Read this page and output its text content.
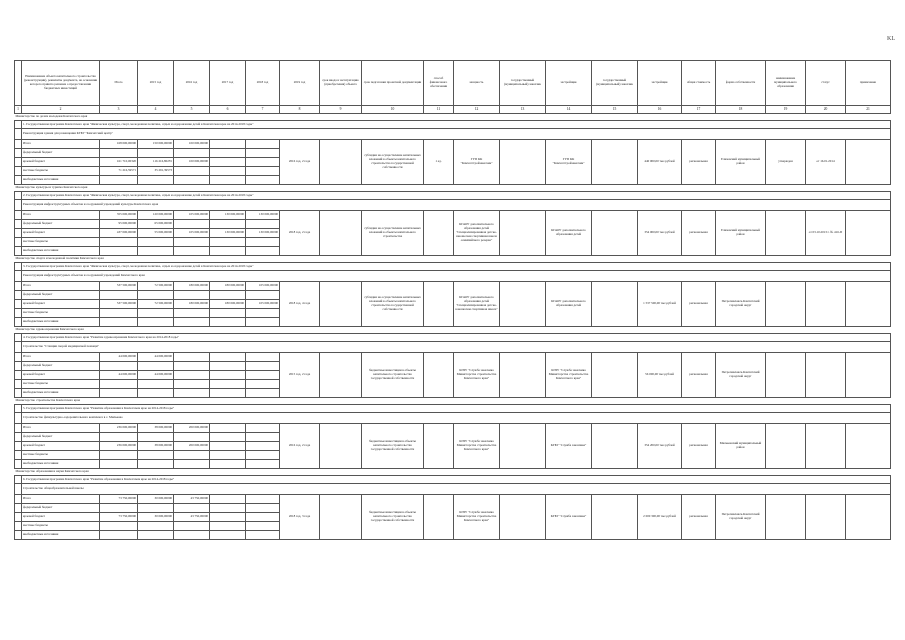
KL
	Наименование объекта капитального строительства (реконструкции), реквизиты документа, на основании которого принято решение о предоставлении бюджетных инвестиций	Итого	2015 год	2016 год	2017 год	2018 год	2019 год	срок ввода в эксплуатацию (приобретения) объекта	срок подготовки проектной документации	способ финансового обеспечения	мощность	государственный (муниципальный) заказчик	застройщик	государственный (муниципальный) заказчик	застройщик	общая стоимость	форма собственности	наименование муниципального образования	статус	примечание
1	2	3	4	5	6	7	8	9	10	11	12	13	14	15	16	17	18	19	20	21
Министерство по делам молодежи Камчатского края																				
	1. Государственная программа Камчатского края "Физическая культура, спорт, молодежная политика, отдых и оздоровление детей в Камчатском крае на 2014-2018 годы"																			
	Реконструкция здания для размещения КГБУ "Камчатский центр"																			
	Итого	168 000,00000	150 000,00000	100 000,00000			2016 год, 2 года		субсидии на осуществление капитальных вложений в объекты капитального строительства государственной собственности	1 ед.	ГУП КК "Камчатстройзаказчик"		ГУП КК "Камчатстройзаказчик"		440 000,00 тыс.рублей	региональная	Елизовский муниципальный район	утвержден	от 16.01.2014	
	федеральный бюджет																			
	краевой бюджет	161 710,00320	116 216,80255	100 000,00000																
	местные бюджеты	71 216,59571	35 291,39573																	
	внебюджетные источники																			
Министерство культуры и туризма Камчатского края																				
	2. Государственная программа Камчатского края "Физическая культура, спорт, молодежная политика, отдых и оздоровление детей в Камчатском крае на 2014-2018 годы"																			
	Реконструкция инфраструктурных объектов и сооружений учреждений культуры Камчатского края																			
	Итого	355 000,00000	120 000,00000	105 000,00000	130 000,00000	130 000,00000	2018 год, 2 года		субсидии на осуществление капитальных вложений в объекты капитального строительства		КГАОУ дополнительного образования детей "Специализированная детско-юношеская спортивная школа олимпийского резерва"		КГАОУ дополнительного образования детей		354 000,00 тыс.рублей	региональная	Елизовский муниципальный район		от 03.10.2013 г. № 416-П	
	федеральный бюджет	95 000,00000	65 000,00000																	
	краевой бюджет	437 000,00000	55 000,00000	105 000,00000	130 000,00000	130 000,00000														
	местные бюджеты																			
	внебюджетные источники																			
Министерство спорта и молодежной политики Камчатского края																				
	3. Государственная программа Камчатского края "Физическая культура, спорт, молодежная политика, отдых и оздоровление детей в Камчатском крае на 2014-2018 годы"																			
	Реконструкция инфраструктурных объектов и сооружений учреждений Камчатского края																			
	Итого	537 500,00000	72 500,00000	180 000,00000	180 000,00000	105 000,00000	2018 год, 4 года		субсидии на осуществление капитальных вложений в объекты капитального строительства государственной собственности		КГАОУ дополнительного образования детей "Специализированная детско-юношеская спортивная школа"		КГАОУ дополнительного образования детей		1 537 500,00 тыс.рублей	региональная	Петропавловск-Камчатский городской округ			
	федеральный бюджет																			
	краевой бюджет	537 500,00000	72 500,00000	180 000,00000	180 000,00000	105 000,00000														
	местные бюджеты																			
	внебюджетные источники																			
Министерство здравоохранения Камчатского края																				
	4. Государственная программа Камчатского края "Развитие здравоохранения Камчатского края на 2014-2018 годы"																			
	Строительство "Станции скорой медицинской помощи"																			
	Итого	44 000,00000	44 000,00000				2015 год, 2 года		бюджетные инвестиции в объекты капитального строительства государственной собственности		КГБУ "Служба заказчика Министерства строительства Камчатского края"		КГБУ "Служба заказчика Министерства строительства Камчатского края"		56 000,00 тыс.рублей	региональная	Петропавловск-Камчатский городской округ			
	федеральный бюджет																			
	краевой бюджет	44 000,00000	44 000,00000																	
	местные бюджеты																			
	внебюджетные источники																			
Министерство строительства Камчатского края																				
	5. Государственная программа Камчатского края "Развитие образования в Камчатском крае на 2014-2018 годы"																			
	Строительство физкультурно-оздоровительного комплекса в с. Мильково																			
	Итого	236 000,00000	38 000,00000	200 000,00000			2016 год, 2 года		бюджетные инвестиции в объекты капитального строительства государственной собственности		КГБУ "Служба заказчика Министерства строительства Камчатского края"		КГБУ "Служба заказчика"		354 200,00 тыс.рублей	региональная	Мильковский муниципальный район			
	федеральный бюджет																			
	краевой бюджет	236 000,00000	38 000,00000	200 000,00000																
	местные бюджеты																			
	внебюджетные источники																			
Министерство образования и науки Камчатского края																				
	6. Государственная программа Камчатского края "Развитие образования в Камчатском крае на 2014-2018 годы"																			
	Строительство общеобразовательной школы																			
	Итого	73 750,00000	30 000,00000	43 750,00000			2018 год, 3 года		бюджетные инвестиции в объекты капитального строительства государственной собственности		КГБУ "Служба заказчика Министерства строительства Камчатского края"		КГБУ "Служба заказчика"		2 000 300,00 тыс.рублей	региональная	Петропавловск-Камчатский городской округ			
	федеральный бюджет																			
	краевой бюджет	73 750,00000	30 000,00000	43 750,00000																
	местные бюджеты																			
	внебюджетные источники																			
